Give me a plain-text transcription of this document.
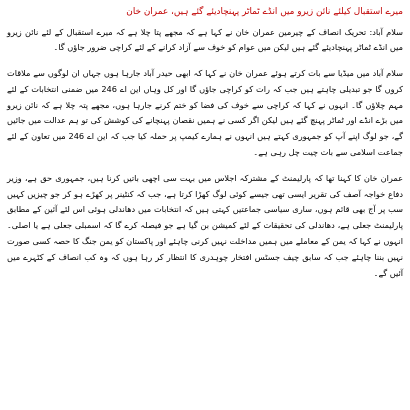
میرے استقبال کیلئے نائن زیرو میں انڈے ٹماٹر پہنچادیئے گئے ہیں، عمران خان

سلام آباد: تحریک انصاف کے چیرمین عمران خان نے کہا ہے کہ مجھے پتا چلا ہے کہ میرے استقبال کے لئے نائن زیرو میں انڈے ٹماٹر پہنچادیئے گئے ہیں لیکن میں عوام کو خوف سے آزاد کرانے کے لئے کراچی ضرور جاؤں گا۔

سلام آباد میں میڈیا سے بات کرتے ہوئے عمران خان نے کہا کہ ابھی حیدر آباد جارہا ہوں جہاں ان لوگوں سے ملاقات کروں گا جو تبدیلی چاہتے ہیں جب کہ رات کو کراچی جاؤں گا اور کل وہاں این اے 246 میں ضمنی انتخابات کے لئے مہم چلاؤں گا۔ انہوں نے کہا کہ کراچی سے خوف کی فضا کو ختم کرنے جارہا ہوں، مجھے پتہ چلا ہے کہ نائن زیرو میں بڑے انڈے اور ٹماٹر پہنچ گئے ہیں لیکن اگر کسی نے ہمیں نقصان پہنچانے کی کوشش کی تو ہم عدالت میں جائیں گے، جو لوگ اپنے آپ کو جمہوری کہتے ہیں انہوں نے ہمارے کیمپ پر حملہ کیا جب کہ این اے 246 میں تعاون کے لئے جماعت اسلامی سے بات چیت چل رہی ہے۔

عمران خان کا کہنا تھا کہ پارلیمنٹ کے مشترکہ اجلاس میں بہت سی اچھی باتیں کرنا ہیں، جمہوری حق ہے، وزیر دفاع خواجہ آصف کی تقریر ایسی تھی جیسے کوئی لوگ کھڑا کرتا ہے، جب کہ کنٹینر پر کھڑے ہو کر جو چیزیں کہیں سب پر آج بھی قائم ہوں، ساری سیاسی جماعتیں کہتی ہیں کہ انتخابات میں دھاندلی ہوئی اس لئے آئین کے مطابق پارلیمنٹ جعلی ہے، دھاندلی کی تحقیقات کے لئے کمیشن بن گیا ہے جو فیصلہ کرے گا کہ اسمبلی جعلی ہے یا اصلی۔ انہوں نے کہا کہ یمن کے معاملے میں ہمیں مداخلت نہیں کرنی چاہئے اور پاکستان کو یمن جنگ کا حصہ کسی صورت نہیں بننا چاہئے جب کہ سابق چیف جسٹس افتخار چوہدری کا انتظار کر رہا ہوں کہ وہ کب انصاف کے کٹہرے میں آئیں گے۔
